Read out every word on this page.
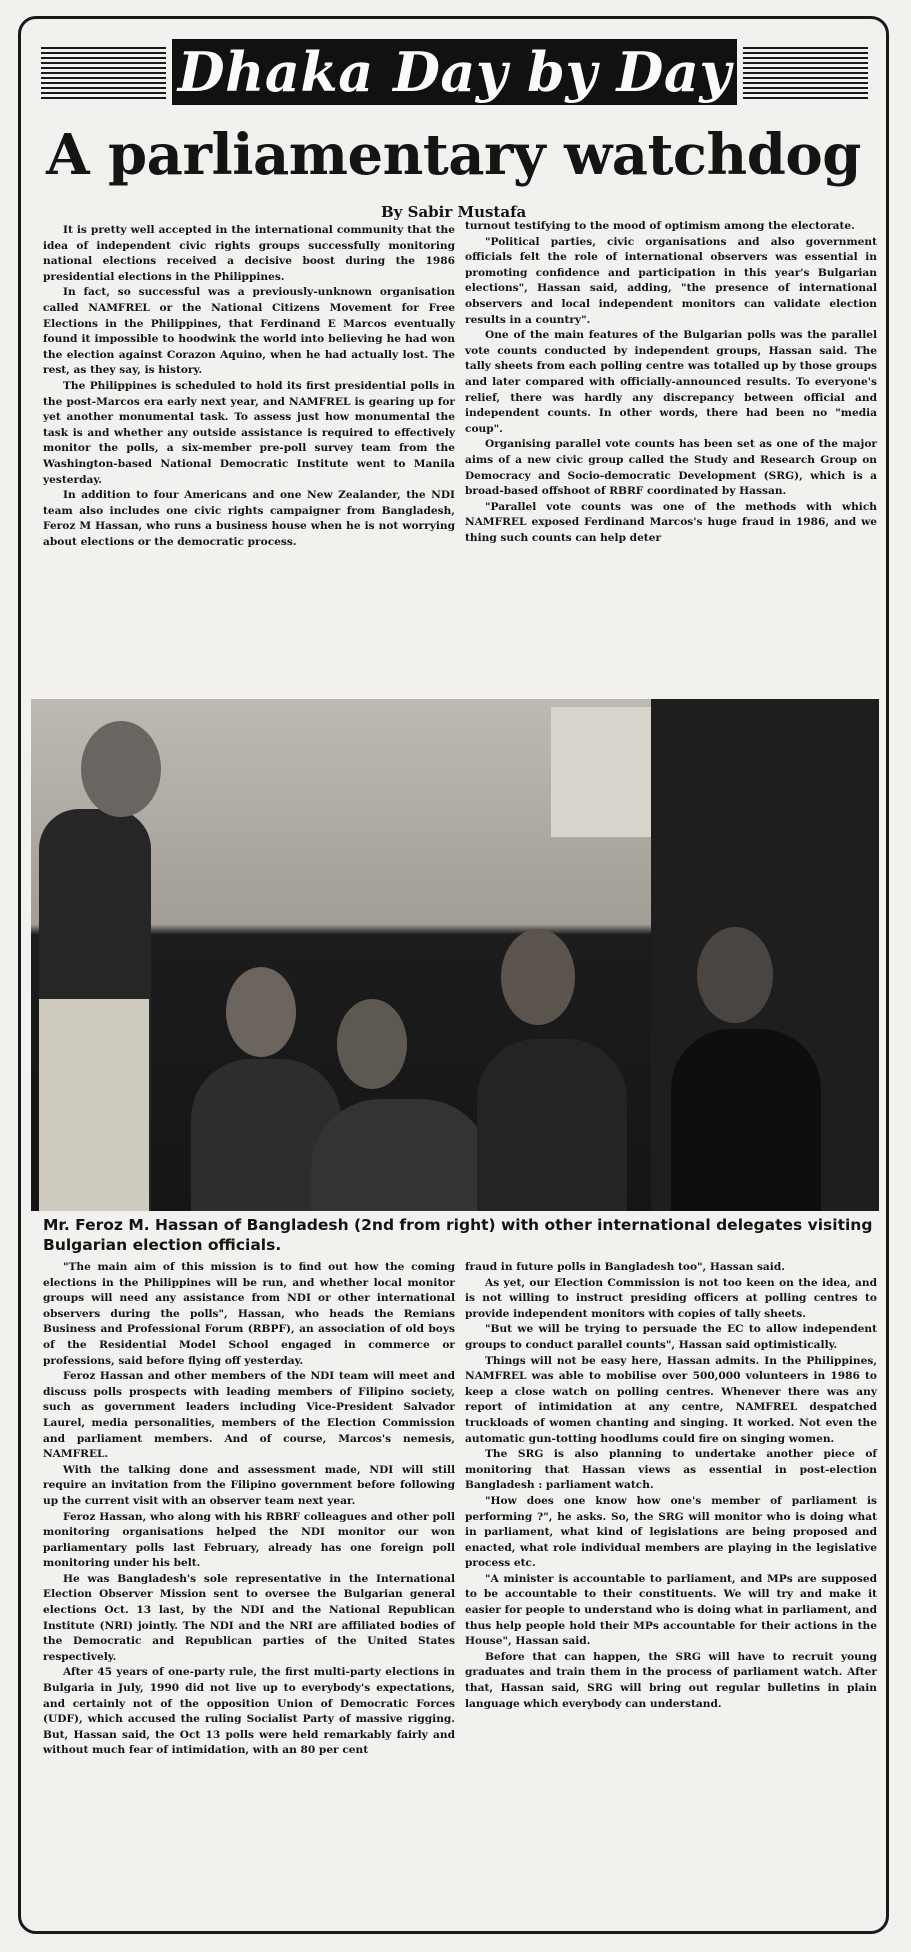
Dhaka Day by Day
A parliamentary watchdog
By Sabir Mustafa

It is pretty well accepted in the international community that the idea of independent civic rights groups successfully monitoring national elections received a decisive boost during the 1986 presidential elections in the Philippines.

In fact, so successful was a previously-unknown organisation called NAMFREL or the National Citizens Movement for Free Elections in the Philippines, that Ferdinand E Marcos eventually found it impossible to hoodwink the world into believing he had won the election against Corazon Aquino, when he had actually lost. The rest, as they say, is history.

The Philippines is scheduled to hold its first presidential polls in the post-Marcos era early next year, and NAMFREL is gearing up for yet another monumental task. To assess just how monumental the task is and whether any outside assistance is required to effectively monitor the polls, a six-member pre-poll survey team from the Washington-based National Democratic Institute went to Manila yesterday.

In addition to four Americans and one New Zealander, the NDI team also includes one civic rights campaigner from Bangladesh, Feroz M Hassan, who runs a business house when he is not worrying about elections or the democratic process.

turnout testifying to the mood of optimism among the electorate.

"Political parties, civic organisations and also government officials felt the role of international observers was essential in promoting confidence and participation in this year's Bulgarian elections", Hassan said, adding, "the presence of international observers and local independent monitors can validate election results in a country".

One of the main features of the Bulgarian polls was the parallel vote counts conducted by independent groups, Hassan said. The tally sheets from each polling centre was totalled up by those groups and later compared with officially-announced results. To everyone's relief, there was hardly any discrepancy between official and independent counts. In other words, there had been no "media coup".

Organising parallel vote counts has been set as one of the major aims of a new civic group called the Study and Research Group on Democracy and Socio-democratic Development (SRG), which is a broad-based offshoot of RBRF coordinated by Hassan.

"Parallel vote counts was one of the methods with which NAMFREL exposed Ferdinand Marcos's huge fraud in 1986, and we thing such counts can help deter

Mr. Feroz M. Hassan of Bangladesh (2nd from right) with other international delegates visiting Bulgarian election officials.

"The main aim of this mission is to find out how the coming elections in the Philippines will be run, and whether local monitor groups will need any assistance from NDI or other international observers during the polls", Hassan, who heads the Remians Business and Professional Forum (RBPF), an association of old boys of the Residential Model School engaged in commerce or professions, said before flying off yesterday.

Feroz Hassan and other members of the NDI team will meet and discuss polls prospects with leading members of Filipino society, such as government leaders including Vice-President Salvador Laurel, media personalities, members of the Election Commission and parliament members. And of course, Marcos's nemesis, NAMFREL.

With the talking done and assessment made, NDI will still require an invitation from the Filipino government before following up the current visit with an observer team next year.

Feroz Hassan, who along with his RBRF colleagues and other poll monitoring organisations helped the NDI monitor our won parliamentary polls last February, already has one foreign poll monitoring under his belt.

He was Bangladesh's sole representative in the International Election Observer Mission sent to oversee the Bulgarian general elections Oct. 13 last, by the NDI and the National Republican Institute (NRI) jointly. The NDI and the NRI are affiliated bodies of the Democratic and Republican parties of the United States respectively.

After 45 years of one-party rule, the first multi-party elections in Bulgaria in July, 1990 did not live up to everybody's expectations, and certainly not of the opposition Union of Democratic Forces (UDF), which accused the ruling Socialist Party of massive rigging. But, Hassan said, the Oct 13 polls were held remarkably fairly and without much fear of intimidation, with an 80 per cent

fraud in future polls in Bangladesh too", Hassan said.

As yet, our Election Commission is not too keen on the idea, and is not willing to instruct presiding officers at polling centres to provide independent monitors with copies of tally sheets.

"But we will be trying to persuade the EC to allow independent groups to conduct parallel counts", Hassan said optimistically.

Things will not be easy here, Hassan admits. In the Philippines, NAMFREL was able to mobilise over 500,000 volunteers in 1986 to keep a close watch on polling centres. Whenever there was any report of intimidation at any centre, NAMFREL despatched truckloads of women chanting and singing. It worked. Not even the automatic gun-totting hoodlums could fire on singing women.

The SRG is also planning to undertake another piece of monitoring that Hassan views as essential in post-election Bangladesh : parliament watch.

"How does one know how one's member of parliament is performing ?", he asks. So, the SRG will monitor who is doing what in parliament, what kind of legislations are being proposed and enacted, what role individual members are playing in the legislative process etc.

"A minister is accountable to parliament, and MPs are supposed to be accountable to their constituents. We will try and make it easier for people to understand who is doing what in parliament, and thus help people hold their MPs accountable for their actions in the House", Hassan said.

Before that can happen, the SRG will have to recruit young graduates and train them in the process of parliament watch. After that, Hassan said, SRG will bring out regular bulletins in plain language which everybody can understand.
